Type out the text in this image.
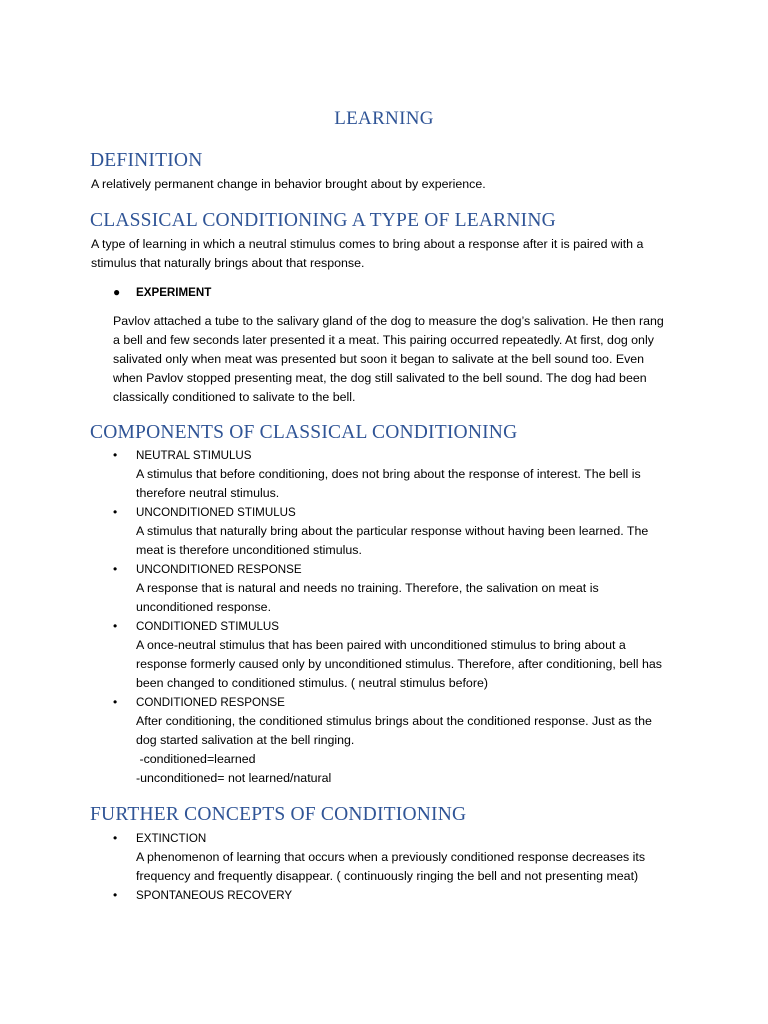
LEARNING
DEFINITION
A relatively permanent change in behavior brought about by experience.
CLASSICAL CONDITIONING A TYPE OF LEARNING
A type of learning in which a neutral stimulus comes to bring about a response after it is paired with a
stimulus that naturally brings about that response.
● EXPERIMENT
Pavlov attached a tube to the salivary gland of the dog to measure the dog’s salivation. He then rang
a bell and few seconds later presented it a meat. This pairing occurred repeatedly. At first, dog only
salivated only when meat was presented but soon it began to salivate at the bell sound too. Even
when Pavlov stopped presenting meat, the dog still salivated to the bell sound. The dog had been
classically conditioned to salivate to the bell.
COMPONENTS OF CLASSICAL CONDITIONING
• NEUTRAL STIMULUS
A stimulus that before conditioning, does not bring about the response of interest. The bell is
therefore neutral stimulus.
• UNCONDITIONED STIMULUS
A stimulus that naturally bring about the particular response without having been learned. The
meat is therefore unconditioned stimulus.
• UNCONDITIONED RESPONSE
A response that is natural and needs no training. Therefore, the salivation on meat is
unconditioned response.
• CONDITIONED STIMULUS
A once-neutral stimulus that has been paired with unconditioned stimulus to bring about a
response formerly caused only by unconditioned stimulus. Therefore, after conditioning, bell has
been changed to conditioned stimulus. ( neutral stimulus before)
• CONDITIONED RESPONSE
After conditioning, the conditioned stimulus brings about the conditioned response. Just as the
dog started salivation at the bell ringing.
-conditioned=learned
-unconditioned= not learned/natural
FURTHER CONCEPTS OF CONDITIONING
• EXTINCTION
A phenomenon of learning that occurs when a previously conditioned response decreases its
frequency and frequently disappear. ( continuously ringing the bell and not presenting meat)
• SPONTANEOUS RECOVERY
